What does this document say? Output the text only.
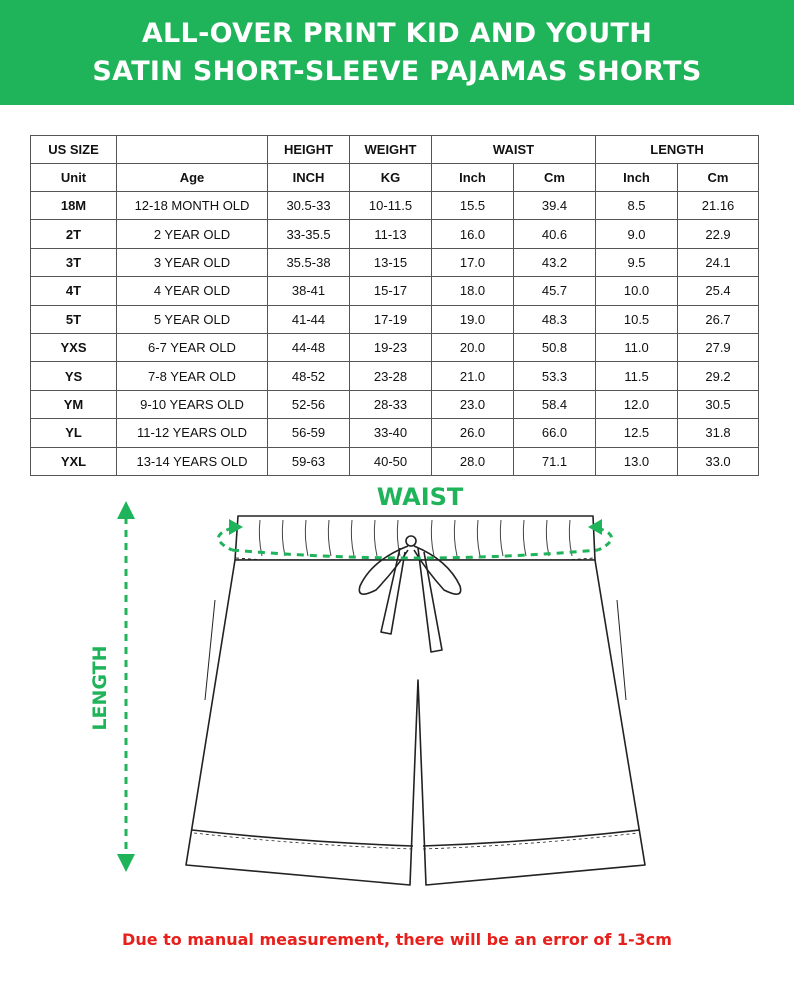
ALL-OVER PRINT KID AND YOUTH
SATIN SHORT-SLEEVE PAJAMAS SHORTS
US SIZE		HEIGHT	WEIGHT	WAIST		LENGTH	
Unit	Age	INCH	KG	Inch	Cm	Inch	Cm
18M	12-18 MONTH OLD	30.5-33	10-11.5	15.5	39.4	8.5	21.16
2T	2 YEAR OLD	33-35.5	11-13	16.0	40.6	9.0	22.9
3T	3 YEAR OLD	35.5-38	13-15	17.0	43.2	9.5	24.1
4T	4 YEAR OLD	38-41	15-17	18.0	45.7	10.0	25.4
5T	5 YEAR OLD	41-44	17-19	19.0	48.3	10.5	26.7
YXS	6-7 YEAR OLD	44-48	19-23	20.0	50.8	11.0	27.9
YS	7-8 YEAR OLD	48-52	23-28	21.0	53.3	11.5	29.2
YM	9-10 YEARS OLD	52-56	28-33	23.0	58.4	12.0	30.5
YL	11-12 YEARS OLD	56-59	33-40	26.0	66.0	12.5	31.8
YXL	13-14 YEARS OLD	59-63	40-50	28.0	71.1	13.0	33.0
WAIST
LENGTH
Due to manual measurement, there will be an error of 1-3cm
